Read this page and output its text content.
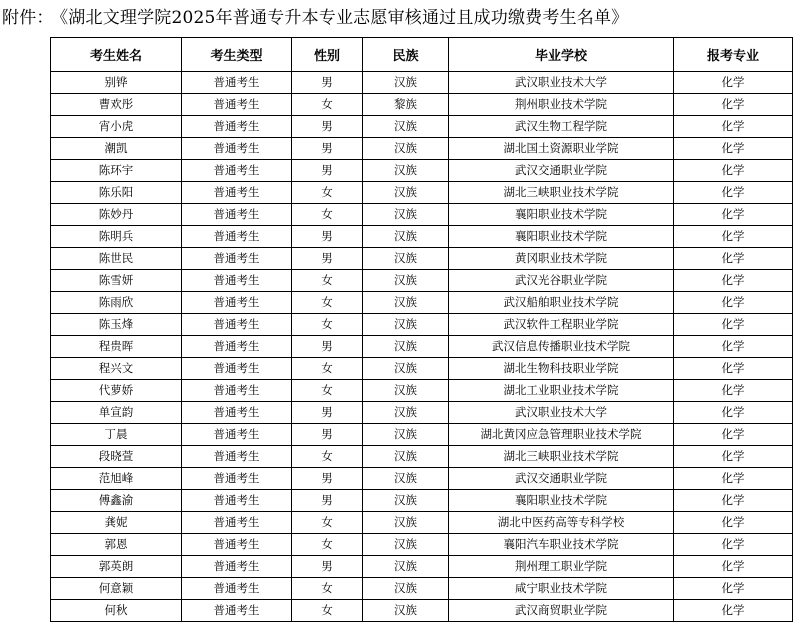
附件： 《湖北文理学院2025年普通专升本专业志愿审核通过且成功缴费考生名单》
考生姓名	考生类型	性别	民族	毕业学校	报考专业
别铧	普通考生	男	汉族	武汉职业技术大学	化学
曹欢彤	普通考生	女	黎族	荆州职业技术学院	化学
宵小虎	普通考生	男	汉族	武汉生物工程学院	化学
潮凯	普通考生	男	汉族	湖北国土资源职业学院	化学
陈环宇	普通考生	男	汉族	武汉交通职业学院	化学
陈乐阳	普通考生	女	汉族	湖北三峡职业技术学院	化学
陈妙丹	普通考生	女	汉族	襄阳职业技术学院	化学
陈明兵	普通考生	男	汉族	襄阳职业技术学院	化学
陈世民	普通考生	男	汉族	黄冈职业技术学院	化学
陈雪妍	普通考生	女	汉族	武汉光谷职业学院	化学
陈雨欣	普通考生	女	汉族	武汉船舶职业技术学院	化学
陈玉烽	普通考生	女	汉族	武汉软件工程职业学院	化学
程贵晖	普通考生	男	汉族	武汉信息传播职业技术学院	化学
程兴文	普通考生	女	汉族	湖北生物科技职业学院	化学
代萝娇	普通考生	女	汉族	湖北工业职业技术学院	化学
单宣韵	普通考生	男	汉族	武汉职业技术大学	化学
丁晨	普通考生	男	汉族	湖北黄冈应急管理职业技术学院	化学
段晓萱	普通考生	女	汉族	湖北三峡职业技术学院	化学
范旭峰	普通考生	男	汉族	武汉交通职业学院	化学
傅鑫渝	普通考生	男	汉族	襄阳职业技术学院	化学
龚妮	普通考生	女	汉族	湖北中医药高等专科学校	化学
郭恩	普通考生	女	汉族	襄阳汽车职业技术学院	化学
郭英朗	普通考生	男	汉族	荆州理工职业学院	化学
何意颖	普通考生	女	汉族	咸宁职业技术学院	化学
何秋	普通考生	女	汉族	武汉商贸职业学院	化学
